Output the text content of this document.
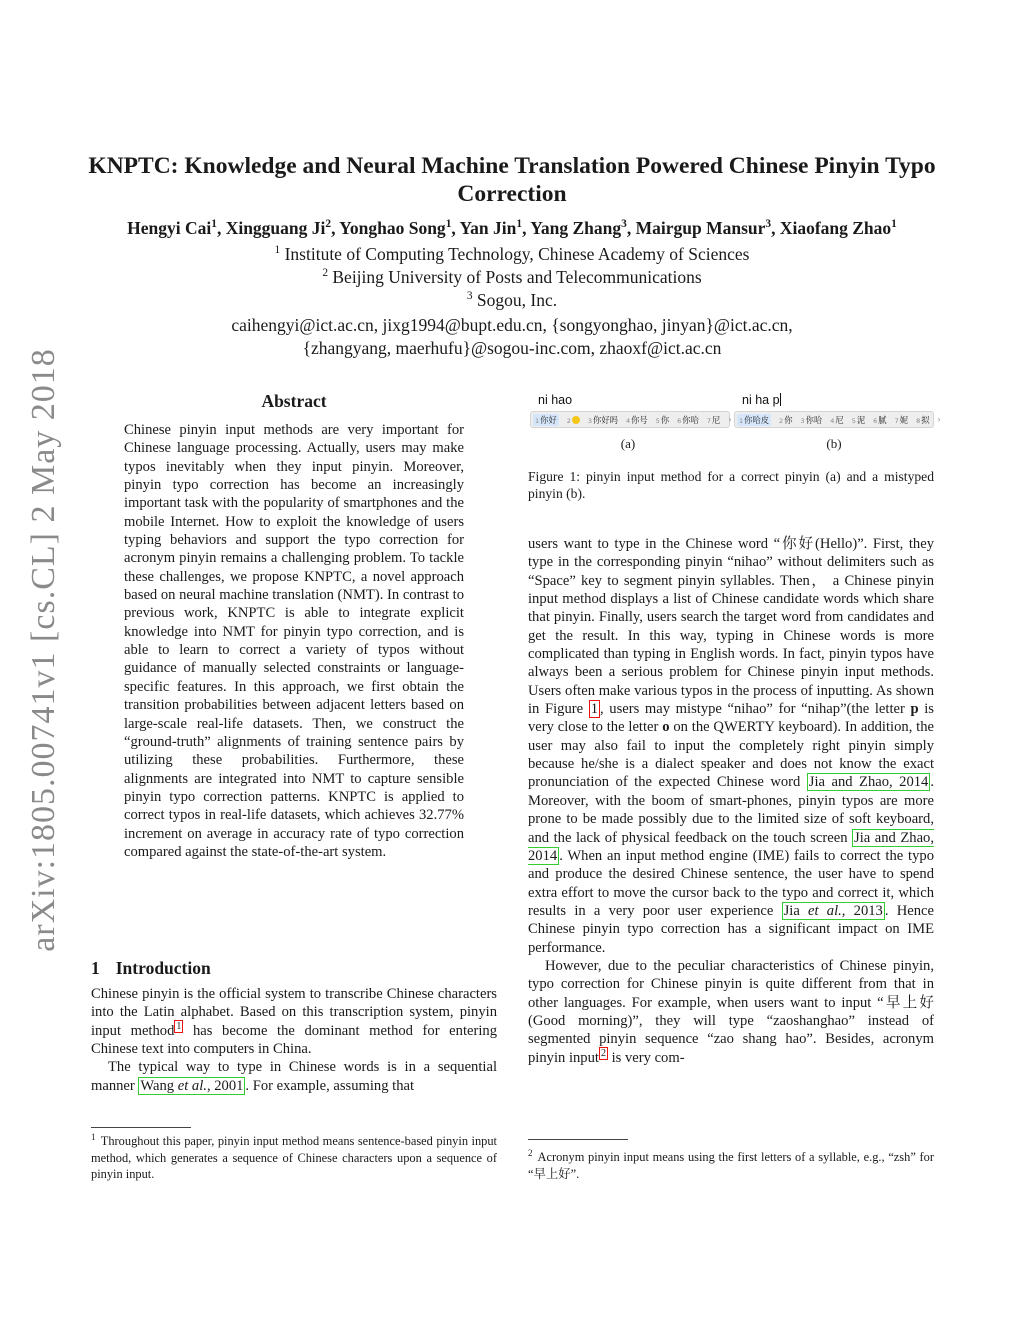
arXiv:1805.00741v1 [cs.CL] 2 May 2018
KNPTC: Knowledge and Neural Machine Translation Powered Chinese Pinyin Typo Correction

Hengyi Cai$^1$, Xingguang Ji$^2$, Yonghao Song$^1$, Yan Jin$^1$, Yang Zhang$^3$, Mairgup Mansur$^3$, Xiaofang Zhao$^1$

$^1$ Institute of Computing Technology, Chinese Academy of Sciences

$^2$ Beijing University of Posts and Telecommunications

$^3$ Sogou, Inc.

caihengyi@ict.ac.cn, jixg1994@bupt.edu.cn, {songyonghao, jinyan}@ict.ac.cn,

{zhangyang, maerhufu}@sogou-inc.com, zhaoxf@ict.ac.cn

Abstract

Chinese pinyin input methods are very important for Chinese language processing. Actually, users may make typos inevitably when they input pinyin. Moreover, pinyin typo correction has become an increasingly important task with the popularity of smartphones and the mobile Internet. How to exploit the knowledge of users typing behaviors and support the typo correction for acronym pinyin remains a challenging problem. To tackle these challenges, we propose KNPTC, a novel approach based on neural machine translation (NMT). In contrast to previous work, KNPTC is able to integrate explicit knowledge into NMT for pinyin typo correction, and is able to learn to correct a variety of typos without guidance of manually selected constraints or language-specific features. In this approach, we first obtain the transition probabilities between adjacent letters based on large-scale real-life datasets. Then, we construct the “ground-truth” alignments of training sentence pairs by utilizing these probabilities. Furthermore, these alignments are integrated into NMT to capture sensible pinyin typo correction patterns. KNPTC is applied to correct typos in real-life datasets, which achieves 32.77% increment on average in accuracy rate of typo correction compared against the state-of-the-art system.

1 Introduction

Chinese pinyin is the official system to transcribe Chinese characters into the Latin alphabet. Based on this transcription system, pinyin input method $^1$ has become the dominant method for entering Chinese text into computers in China.

The typical way to type in Chinese words is in a sequential manner Wang et al., 2001 . For example, assuming that

$^1$ Throughout this paper, pinyin input method means sentence-based pinyin input method, which generates a sequence of Chinese characters upon a sequence of pinyin input.

ni hao
1你好	2	3你好吗 4你号 5你 6你哈 7尼 ›
(a)
ni ha p
1你哈皮	2你 3你哈 4尼 5泥 6腻 7妮 8拟 ›
(b)

Figure 1: pinyin input method for a correct pinyin (a) and a mistyped pinyin (b).

users want to type in the Chinese word “你好(Hello)”. First, they type in the corresponding pinyin “nihao” without delimiters such as “Space” key to segment pinyin syllables. Then， a Chinese pinyin input method displays a list of Chinese candidate words which share that pinyin. Finally, users search the target word from candidates and get the result. In this way, typing in Chinese words is more complicated than typing in English words. In fact, pinyin typos have always been a serious problem for Chinese pinyin input methods. Users often make various typos in the process of inputting. As shown in Figure 1 , users may mistype “nihao” for “nihap”(the letter p is very close to the letter o on the QWERTY keyboard). In addition, the user may also fail to input the completely right pinyin simply because he/she is a dialect speaker and does not know the exact pronunciation of the expected Chinese word Jia and Zhao, 2014 . Moreover, with the boom of smart-phones, pinyin typos are more prone to be made possibly due to the limited size of soft keyboard, and the lack of physical feedback on the touch screen Jia and Zhao, 2014 . When an input method engine (IME) fails to correct the typo and produce the desired Chinese sentence, the user have to spend extra effort to move the cursor back to the typo and correct it, which results in a very poor user experience Jia et al., 2013 . Hence Chinese pinyin typo correction has a significant impact on IME performance.

However, due to the peculiar characteristics of Chinese pinyin, typo correction for Chinese pinyin is quite different from that in other languages. For example, when users want to input “早上好(Good morning)”, they will type “zaoshanghao” instead of segmented pinyin sequence “zao shang hao”. Besides, acronym pinyin input $^2$ is very com-

$^2$ Acronym pinyin input means using the first letters of a syllable, e.g., “zsh” for “早上好”.
